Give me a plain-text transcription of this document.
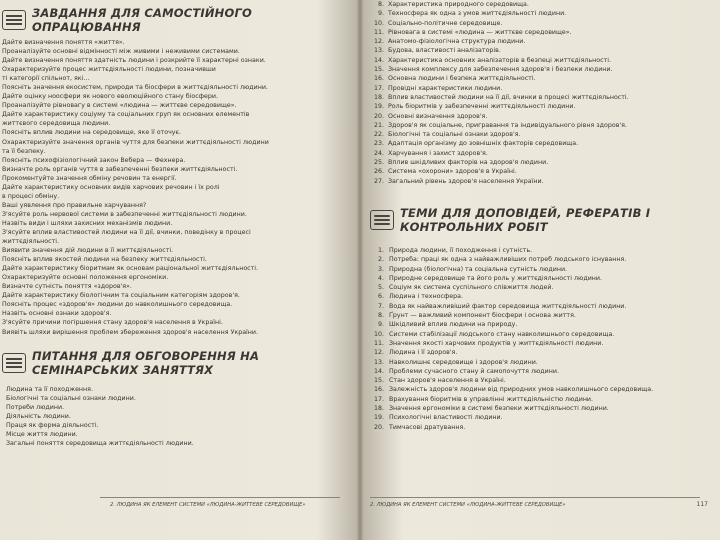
ЗАВДАННЯ ДЛЯ САМОСТІЙНОГО ОПРАЦЮВАННЯ
Дайте визначення поняття «життя».
Проаналізуйте основні відмінності між живими і неживими системами.
Дайте визначення поняття здатність людини і розкрийте її характерні ознаки.
Охарактеризуйте процес життєдіяльності людини, позначивши
ті категорії спільнот, які...
Поясніть значення екосистем, природи та біосфери в життєдіяльності людини.
Дайте оцінку ноосфери як нового еволюційного стану біосфери.
Проаналізуйте рівновагу в системі «людина — життєве середовище».
Дайте характеристику соціуму та соціальних груп як основних елементів
життєвого середовища людини.
Поясніть вплив людини на середовище, яке її оточує.
Охарактеризуйте значення органів чуття для безпеки життєдіяльності людини
та її безпеку.
Поясніть психофізіологічний закон Вебера — Фехнера.
Визначте роль органів чуття в забезпеченні безпеки життєдіяльності.
Прокоментуйте значення обміну речовин та енергії.
Дайте характеристику основних видів харчових речовин і їх ролі
в процесі обміну.
Ваші уявлення про правильне харчування?
З'ясуйте роль нервової системи в забезпеченні життєдіяльності людини.
Назвіть види і шляхи захисних механізмів людини.
З'ясуйте вплив властивостей людини на її дії, вчинки, поведінку в процесі
життєдіяльності.
Виявити значення дій людини в її життєдіяльності.
Поясніть вплив якостей людини на безпеку життєдіяльності.
Дайте характеристику біоритмам як основам раціональної життєдіяльності.
Охарактеризуйте основні положення ергономіки.
Визначте сутність поняття «здоров'я».
Дайте характеристику біологічним та соціальним категоріям здоров'я.
Поясніть процес «здоров'я» людини до навколишнього середовища.
Назвіть основні ознаки здоров'я.
З'ясуйте причини погіршення стану здоров'я населення в Україні.
Виявіть шляхи вирішення проблем збереження здоров'я населення України.
ПИТАННЯ ДЛЯ ОБГОВОРЕННЯ НА СЕМІНАРСЬКИХ ЗАНЯТТЯХ
Людина та її походження.
Біологічні та соціальні ознаки людини.
Потреби людини.
Діяльність людини.
Праця як форма діяльності.
Місце життя людини.
Загальні поняття середовища життєдіяльності людини.
2. ЛЮДИНА ЯК ЕЛЕМЕНТ СИСТЕМИ «ЛЮДИНА-ЖИТТЄВЕ СЕРЕДОВИЩЕ»
8. Характеристика природного середовища.
9. Техносфера як одна з умов життєдіяльності людини.
10. Соціально-політичне середовище.
11. Рівновага в системі «людина — життєве середовище».
12. Анатомо-фізіологічна структура людини.
13. Будова, властивості аналізаторів.
14. Характеристика основних аналізаторів в безпеці життєдіяльності.
15. Значення комплексу для забезпечення здоров'я і безпеки людини.
16. Основна людини і безпека життєдіяльності.
17. Провідні характеристики людини.
18. Вплив властивостей людини на її дії, вчинки в процесі життєдіяльності.
19. Роль біоритмів у забезпеченні життєдіяльності людини.
20. Основні визначення здоров'я.
21. Здоров'я як соціальне, пригравання та індивідуального рівня здоров'я.
22. Біологічні та соціальні ознаки здоров'я.
23. Адаптація організму до зовнішніх факторів середовища.
24. Харчування і захист здоров'я.
25. Вплив шкідливих факторів на здоров'я людини.
26. Система «охорони» здоров'я в Україні.
27. Загальний рівень здоров'я населення України.
ТЕМИ ДЛЯ ДОПОВІДЕЙ, РЕФЕРАТІВ І КОНТРОЛЬНИХ РОБІТ
1. Природа людини, її походження і сутність.
2. Потреба: праці як одна з найважливіших потреб людського існування.
3. Природна (біологічна) та соціальна сутність людини.
4. Природне середовище та його роль у життєдіяльності людини.
5. Соціум як система суспільного співжиття людей.
6. Людина і техносфера.
7. Вода як найважливіший фактор середовища життєдіяльності людини.
8. Ґрунт — важливий компонент біосфери і основа життя.
9. Шкідливий вплив людини на природу.
10. Системи стабілізації людського стану навколишнього середовища.
11. Значення якості харчових продуктів у життєдіяльності людини.
12. Людина і її здоров'я.
13. Навколишнє середовище і здоров'я людини.
14. Проблеми сучасного стану й самопочуття людини.
15. Стан здоров'я населення в Україні.
16. Залежність здоров'я людини від природних умов навколишнього середовища.
17. Врахування біоритмів в управлінні життєдіяльністю людини.
18. Значення ергономіки в системі безпеки життєдіяльності людини.
19. Психологічні властивості людини.
20. Тимчасові дратування.
2. ЛЮДИНА ЯК ЕЛЕМЕНТ СИСТЕМИ «ЛЮДИНА-ЖИТТЄВЕ СЕРЕДОВИЩЕ»	117
